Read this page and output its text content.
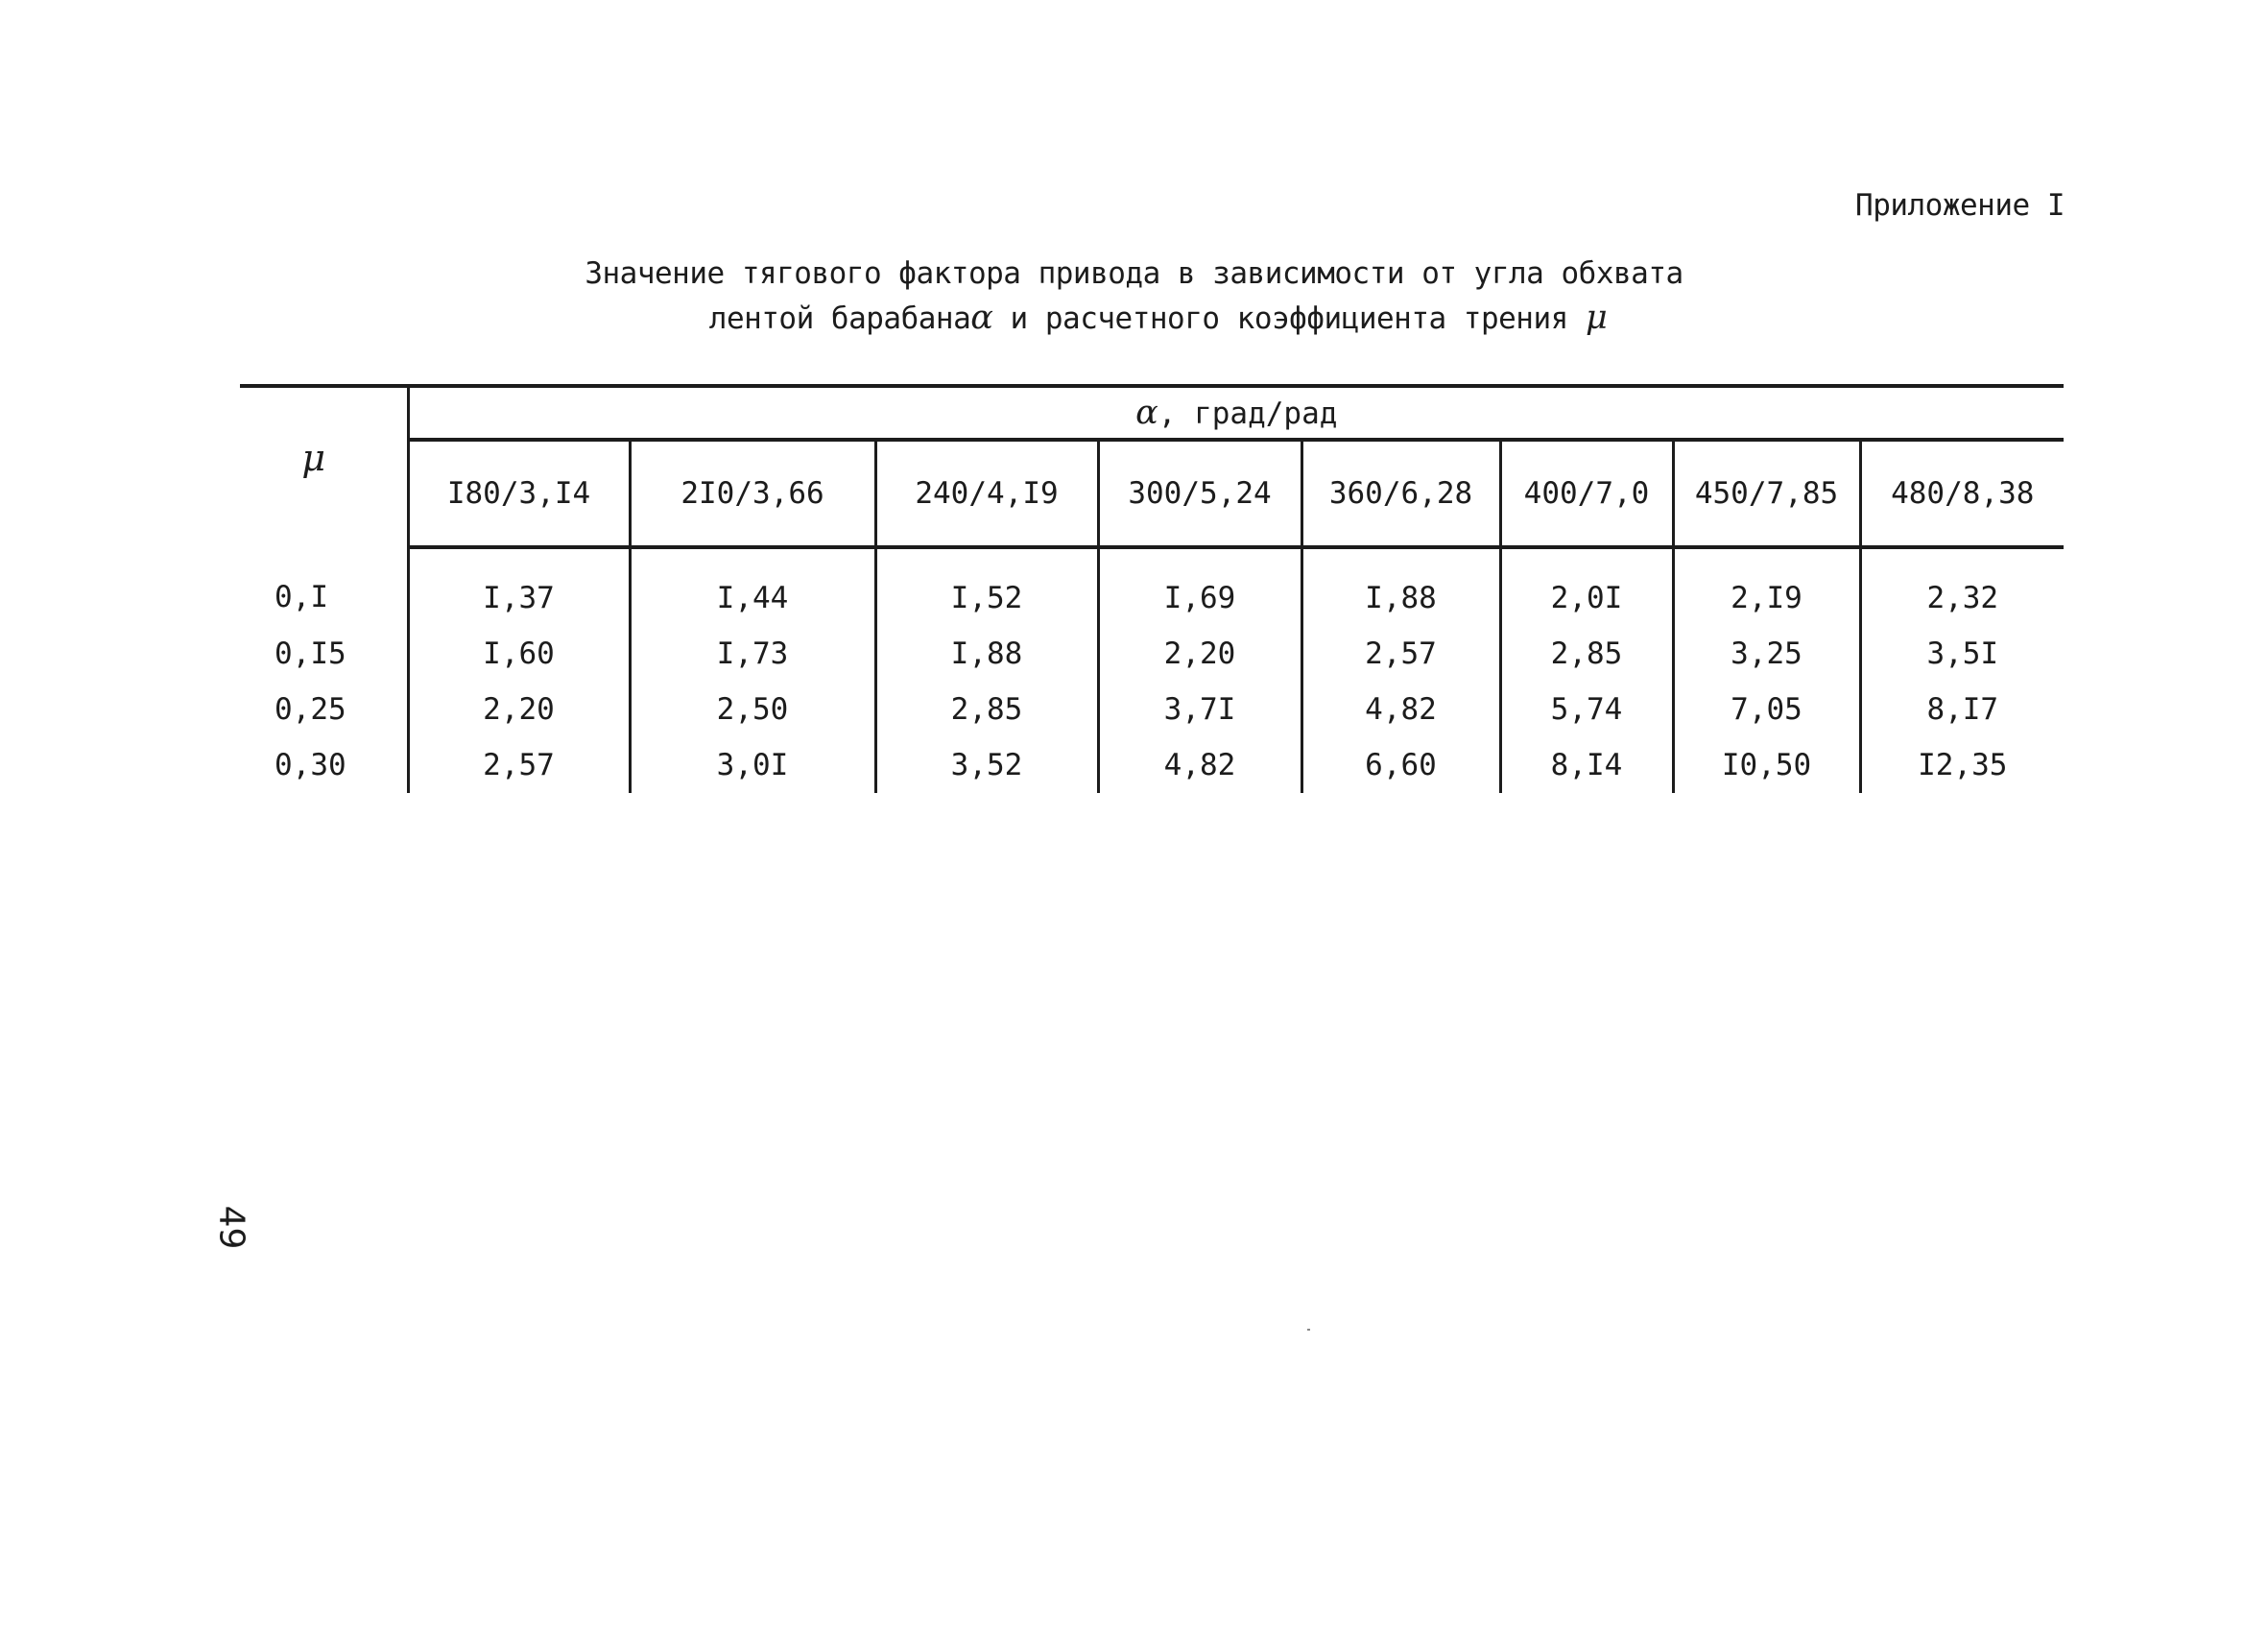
Приложение I
Значение тягового фактора привода в зависимости от угла обхвата
лентой барабанаα и расчетного коэффициента трения μ
μ	α, град/рад							
	I80/3,I4	2I0/3,66	240/4,I9	300/5,24	360/6,28	400/7,0	450/7,85	480/8,38
0,I	I,37	I,44	I,52	I,69	I,88	2,0I	2,I9	2,32
0,I5	I,60	I,73	I,88	2,20	2,57	2,85	3,25	3,5I
0,25	2,20	2,50	2,85	3,7I	4,82	5,74	7,05	8,I7
0,30	2,57	3,0I	3,52	4,82	6,60	8,I4	I0,50	I2,35
49
